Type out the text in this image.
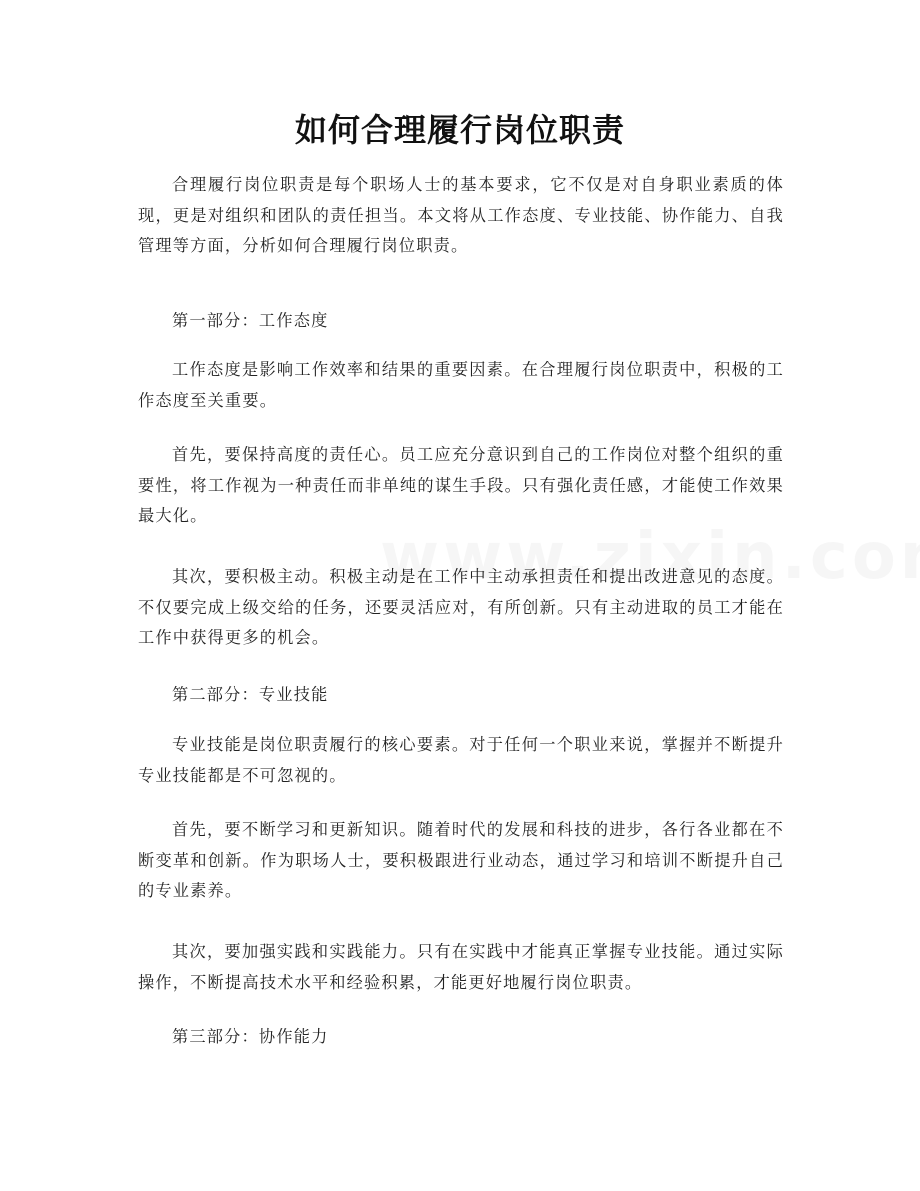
如何合理履行岗位职责

合理履行岗位职责是每个职场人士的基本要求，它不仅是对自身职业素质的体现，更是对组织和团队的责任担当。本文将从工作态度、专业技能、协作能力、自我管理等方面，分析如何合理履行岗位职责。

第一部分：工作态度

工作态度是影响工作效率和结果的重要因素。在合理履行岗位职责中，积极的工作态度至关重要。

首先，要保持高度的责任心。员工应充分意识到自己的工作岗位对整个组织的重要性，将工作视为一种责任而非单纯的谋生手段。只有强化责任感，才能使工作效果最大化。

其次，要积极主动。积极主动是在工作中主动承担责任和提出改进意见的态度。不仅要完成上级交给的任务，还要灵活应对，有所创新。只有主动进取的员工才能在工作中获得更多的机会。

第二部分：专业技能

专业技能是岗位职责履行的核心要素。对于任何一个职业来说，掌握并不断提升专业技能都是不可忽视的。

首先，要不断学习和更新知识。随着时代的发展和科技的进步，各行各业都在不断变革和创新。作为职场人士，要积极跟进行业动态，通过学习和培训不断提升自己的专业素养。

其次，要加强实践和实践能力。只有在实践中才能真正掌握专业技能。通过实际操作，不断提高技术水平和经验积累，才能更好地履行岗位职责。

第三部分：协作能力
